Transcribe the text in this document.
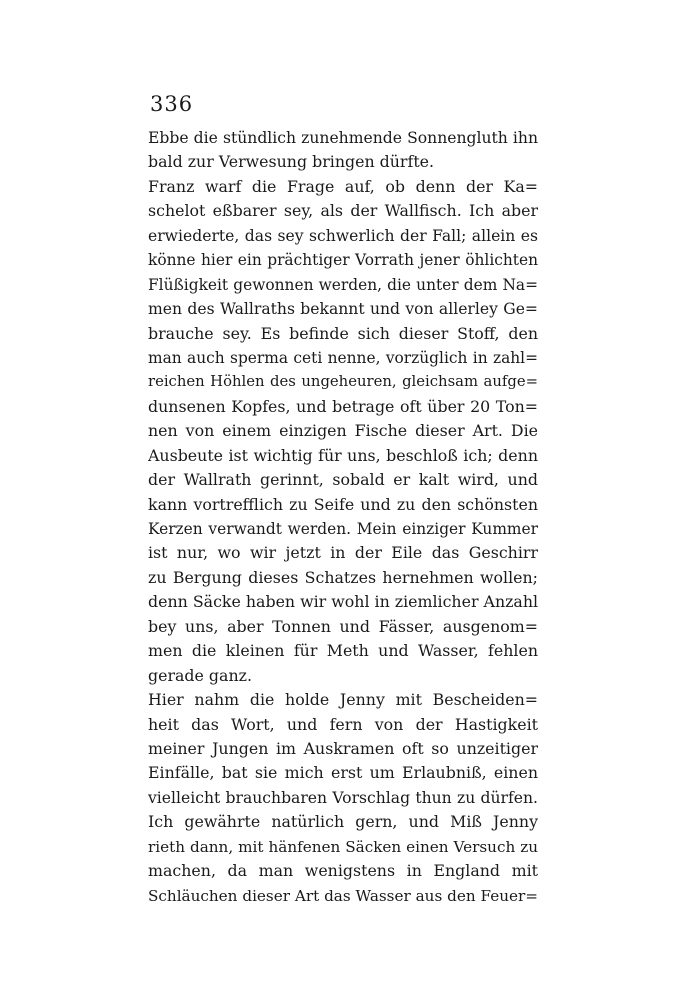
336
Ebbe die stündlich zunehmende Sonnengluth ihn
bald zur Verwesung bringen dürfte.
Franz warf die Frage auf, ob denn der Ka=
schelot eßbarer sey, als der Wallfisch. Ich aber
erwiederte, das sey schwerlich der Fall; allein es
könne hier ein prächtiger Vorrath jener öhlichten
Flüßigkeit gewonnen werden, die unter dem Na=
men des Wallraths bekannt und von allerley Ge=
brauche sey. Es befinde sich dieser Stoff, den
man auch sperma ceti nenne, vorzüglich in zahl=
reichen Höhlen des ungeheuren, gleichsam aufge=
dunsenen Kopfes, und betrage oft über 20 Ton=
nen von einem einzigen Fische dieser Art. Die
Ausbeute ist wichtig für uns, beschloß ich; denn
der Wallrath gerinnt, sobald er kalt wird, und
kann vortrefflich zu Seife und zu den schönsten
Kerzen verwandt werden. Mein einziger Kummer
ist nur, wo wir jetzt in der Eile das Geschirr
zu Bergung dieses Schatzes hernehmen wollen;
denn Säcke haben wir wohl in ziemlicher Anzahl
bey uns, aber Tonnen und Fässer, ausgenom=
men die kleinen für Meth und Wasser, fehlen
gerade ganz.
Hier nahm die holde Jenny mit Bescheiden=
heit das Wort, und fern von der Hastigkeit
meiner Jungen im Auskramen oft so unzeitiger
Einfälle, bat sie mich erst um Erlaubniß, einen
vielleicht brauchbaren Vorschlag thun zu dürfen.
Ich gewährte natürlich gern, und Miß Jenny
rieth dann, mit hänfenen Säcken einen Versuch zu
machen, da man wenigstens in England mit
Schläuchen dieser Art das Wasser aus den Feuer=
